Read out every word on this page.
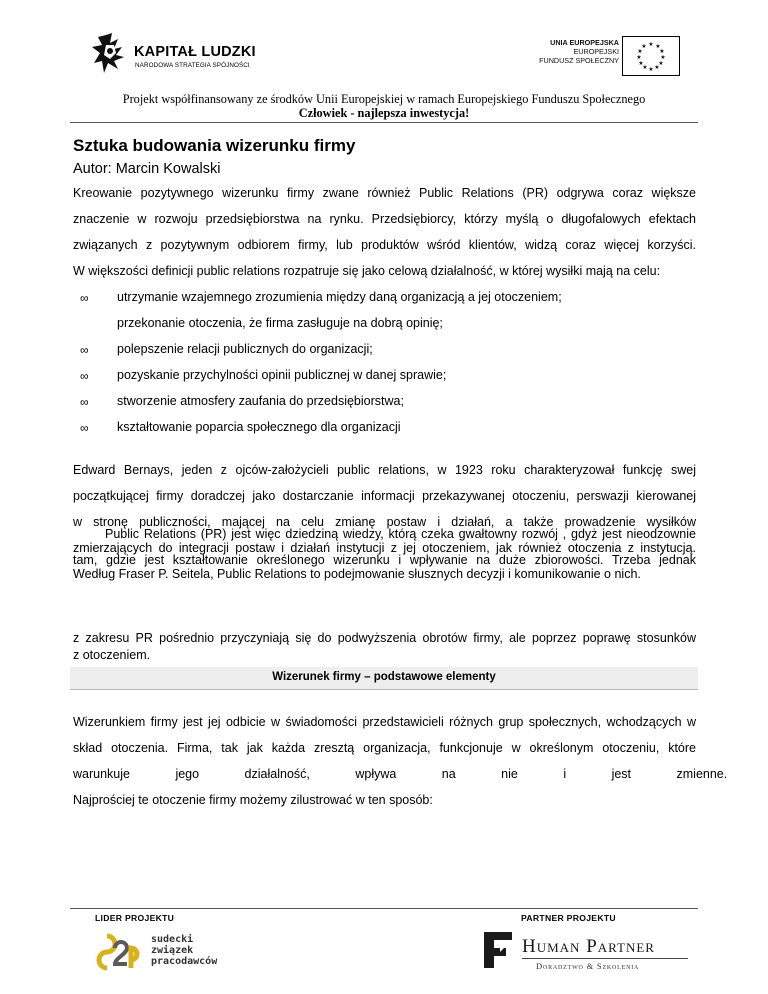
KAPITAŁ LUDZKI
NARODOWA STRATEGIA SPÓJNOŚCI
UNIA EUROPEJSKA
EUROPEJSKI
FUNDUSZ SPOŁECZNY
★ ★
★
★
★
★
★
★
★
★
★
★
Projekt współfinansowany ze środków Unii Europejskiej w ramach Europejskiego Funduszu Społecznego
Człowiek - najlepsza inwestycja!
Sztuka budowania wizerunku firmy
Autor: Marcin Kowalski
Kreowanie pozytywnego wizerunku firmy zwane również Public Relations (PR) odgrywa coraz większe
znaczenie w rozwoju przedsiębiorstwa na rynku. Przedsiębiorcy, którzy myślą o długofalowych efektach
związanych z pozytywnym odbiorem firmy, lub produktów wśród klientów, widzą coraz więcej korzyści.
W większości definicji public relations rozpatruje się jako celową działalność, w której wysiłki mają na celu:
∞ utrzymanie wzajemnego zrozumienia między daną organizacją a jej otoczeniem;
przekonanie otoczenia, że firma zasługuje na dobrą opinię;
∞ polepszenie relacji publicznych do organizacji;
∞ pozyskanie przychylności opinii publicznej w danej sprawie;
∞ stworzenie atmosfery zaufania do przedsiębiorstwa;
∞ kształtowanie poparcia społecznego dla organizacji
Edward Bernays, jeden z ojców-założycieli public relations, w 1923 roku charakteryzował funkcję swej
początkującej firmy doradczej jako dostarczanie informacji przekazywanej otoczeniu, perswazji kierowanej
w stronę publiczności, mającej na celu zmianę postaw i działań, a także prowadzenie wysiłków
zmierzających do integracji postaw i działań instytucji z jej otoczeniem, jak również otoczenia z instytucją.
Według Fraser P. Seitela, Public Relations to podejmowanie słusznych decyzji i komunikowanie o nich.
Public Relations (PR) jest więc dziedziną wiedzy, którą czeka gwałtowny rozwój , gdyż jest nieodzownie
tam, gdzie jest kształtowanie określonego wizerunku i wpływanie na duże zbiorowości. Trzeba jednak
Wizerunek firmy – podstawowe elementy
Wizerunkiem firmy jest jej odbicie w świadomości przedstawicieli różnych grup społecznych, wchodzących w
skład otoczenia. Firma, tak jak każda zresztą organizacja, funkcjonuje w określonym otoczeniu, które
warunkuje jego działalność, wpływa na nie i jest zmienne.
Najprościej te otoczenie firmy możemy zilustrować w ten sposób:
LIDER PROJEKTU	PARTNER PROJEKTU
sudecki
związek
pracodawców
Human Partner
Doradztwo & Szkolenia
z zakresu PR pośrednio przyczyniają się do podwyższenia obrotów firmy, ale poprzez poprawę stosunków
z otoczeniem.
